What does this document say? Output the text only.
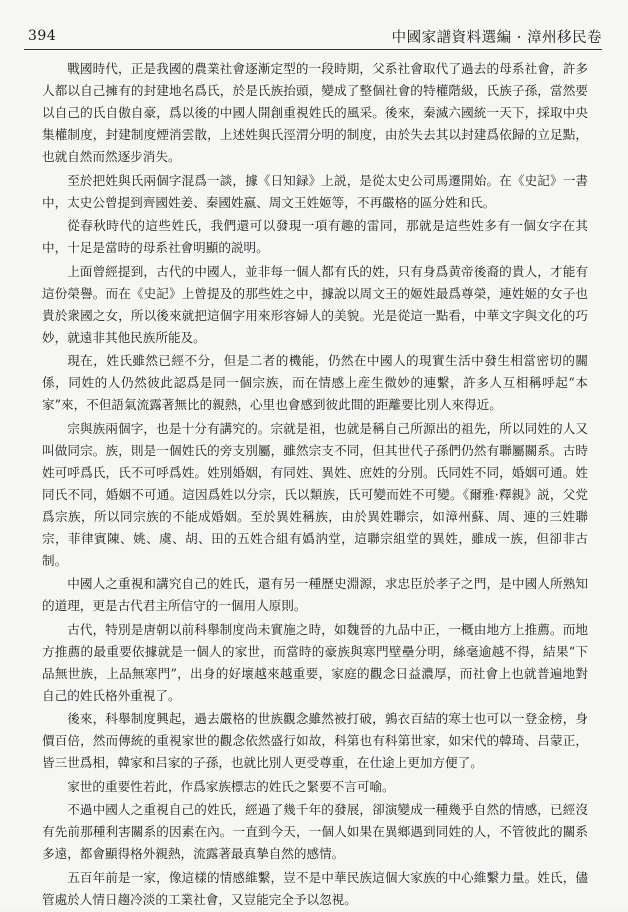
394	中國家譜資料選編 · 漳州移民卷

戰國時代，正是我國的農業社會逐漸定型的一段時期，父系社會取代了過去的母系社會，許多人都以自己擁有的封建地名爲氏，於是氏族抬頭，變成了整個社會的特權階級，氏族子孫，當然要以自己的氏自傲自豪，爲以後的中國人開創重視姓氏的風采。後來，秦滅六國統一天下，採取中央集權制度，封建制度煙消雲散，上述姓與氏涇渭分明的制度，由於失去其以封建爲依歸的立足點，也就自然而然逐步消失。

至於把姓與氏兩個字混爲一談，據《日知録》上説，是從太史公司馬遷開始。在《史記》一書中，太史公曾提到齊國姓姜、秦國姓嬴、周文王姓姬等，不再嚴格的區分姓和氏。

從春秋時代的這些姓氏，我們還可以發現一項有趣的雷同，那就是這些姓多有一個女字在其中，十足是當時的母系社會明顯的説明。

上面曾經提到，古代的中國人，並非每一個人都有氏的姓，只有身爲黄帝後裔的貴人，才能有這份榮譽。而在《史記》上曾提及的那些姓之中，據說以周文王的姬姓最爲尊榮，連姓姬的女子也貴於衆國之女，所以後來就把這個字用來形容婦人的美貌。光是從這一點看，中華文字與文化的巧妙，就遠非其他民族所能及。

現在，姓氏雖然已經不分，但是二者的機能，仍然在中國人的現實生活中發生相當密切的關係，同姓的人仍然彼此認爲是同一個宗族，而在情感上産生微妙的連繫，許多人互相稱呼起“本家”來，不但語氣流露著無比的親熱，心里也會感到彼此間的距離要比別人來得近。

宗與族兩個字，也是十分有講究的。宗就是祖，也就是稱自己所源出的祖先，所以同姓的人又叫做同宗。族，則是一個姓氏的旁支別屬，雖然宗支不同，但其世代子孫們仍然有聯屬關系。古時姓可呼爲氏，氏不可呼爲姓。姓別婚姻，有同姓、異姓、庶姓的分別。氏同姓不同，婚姻可通。姓同氏不同，婚姻不可通。這因爲姓以分宗，氏以類族，氏可變而姓不可變。《爾雅·釋親》説，父党爲宗族，所以同宗族的不能成婚姻。至於異姓稱族，由於異姓聯宗，如漳州蘇、周、連的三姓聯宗，菲律賓陳、姚、虞、胡、田的五姓合組有嬀汭堂，這聯宗組堂的異姓，雖成一族，但卻非古制。

中國人之重視和講究自己的姓氏，還有另一種歷史淵源，求忠臣於孝子之門，是中國人所熟知的道理，更是古代君主所信守的一個用人原則。

古代，特別是唐朝以前科舉制度尚未實施之時，如魏晉的九品中正，一概由地方上推薦。而地方推薦的最重要依據就是一個人的家世，而當時的豪族與寒門壁壘分明，絲毫逾越不得，結果“下品無世族，上品無寒門”，出身的好壞越來越重要，家庭的觀念日益濃厚，而社會上也就普遍地對自己的姓氏格外重視了。

後來，科舉制度興起，過去嚴格的世族觀念雖然被打破，鶉衣百結的寒士也可以一登金榜，身價百倍，然而傳統的重視家世的觀念依然盛行如故，科第也有科第世家，如宋代的韓琦、吕蒙正，皆三世爲相，韓家和吕家的子孫，也就比別人更受尊重，在仕途上更加方便了。

家世的重要性若此，作爲家族標志的姓氏之緊要不言可喻。

不過中國人之重視自己的姓氏，經過了幾千年的發展，卻演變成一種幾乎自然的情感，已經沒有先前那種利害關系的因素在內。一直到今天，一個人如果在異鄉遇到同姓的人，不管彼此的關系多遠，都會顯得格外親熱，流露著最真摯自然的感情。

五百年前是一家，像這樣的情感維繫，豈不是中華民族這個大家族的中心維繫力量。姓氏，儘管處於人情日趨冷淡的工業社會，又豈能完全予以忽視。
